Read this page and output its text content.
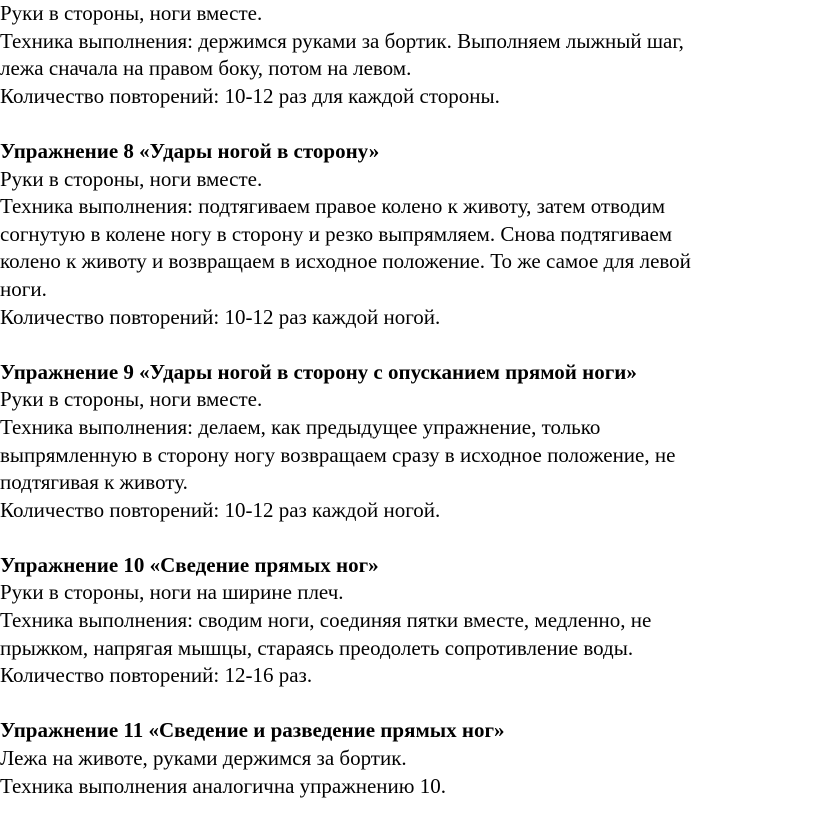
Руки в стороны, ноги вместе.
Техника выполнения: держимся руками за бортик. Выполняем лыжный шаг,
лежа сначала на правом боку, потом на левом.
Количество повторений: 10-12 раз для каждой стороны.
Упражнение 8 «Удары ногой в сторону»
Руки в стороны, ноги вместе.
Техника выполнения: подтягиваем правое колено к животу, затем отводим
согнутую в колене ногу в сторону и резко выпрямляем. Снова подтягиваем
колено к животу и возвращаем в исходное положение. То же самое для левой
ноги.
Количество повторений: 10-12 раз каждой ногой.
Упражнение 9 «Удары ногой в сторону с опусканием прямой ноги»
Руки в стороны, ноги вместе.
Техника выполнения: делаем, как предыдущее упражнение, только
выпрямленную в сторону ногу возвращаем сразу в исходное положение, не
подтягивая к животу.
Количество повторений: 10-12 раз каждой ногой.
Упражнение 10 «Сведение прямых ног»
Руки в стороны, ноги на ширине плеч.
Техника выполнения: сводим ноги, соединяя пятки вместе, медленно, не
прыжком, напрягая мышцы, стараясь преодолеть сопротивление воды.
Количество повторений: 12-16 раз.
Упражнение 11 «Сведение и разведение прямых ног»
Лежа на животе, руками держимся за бортик.
Техника выполнения аналогична упражнению 10.
